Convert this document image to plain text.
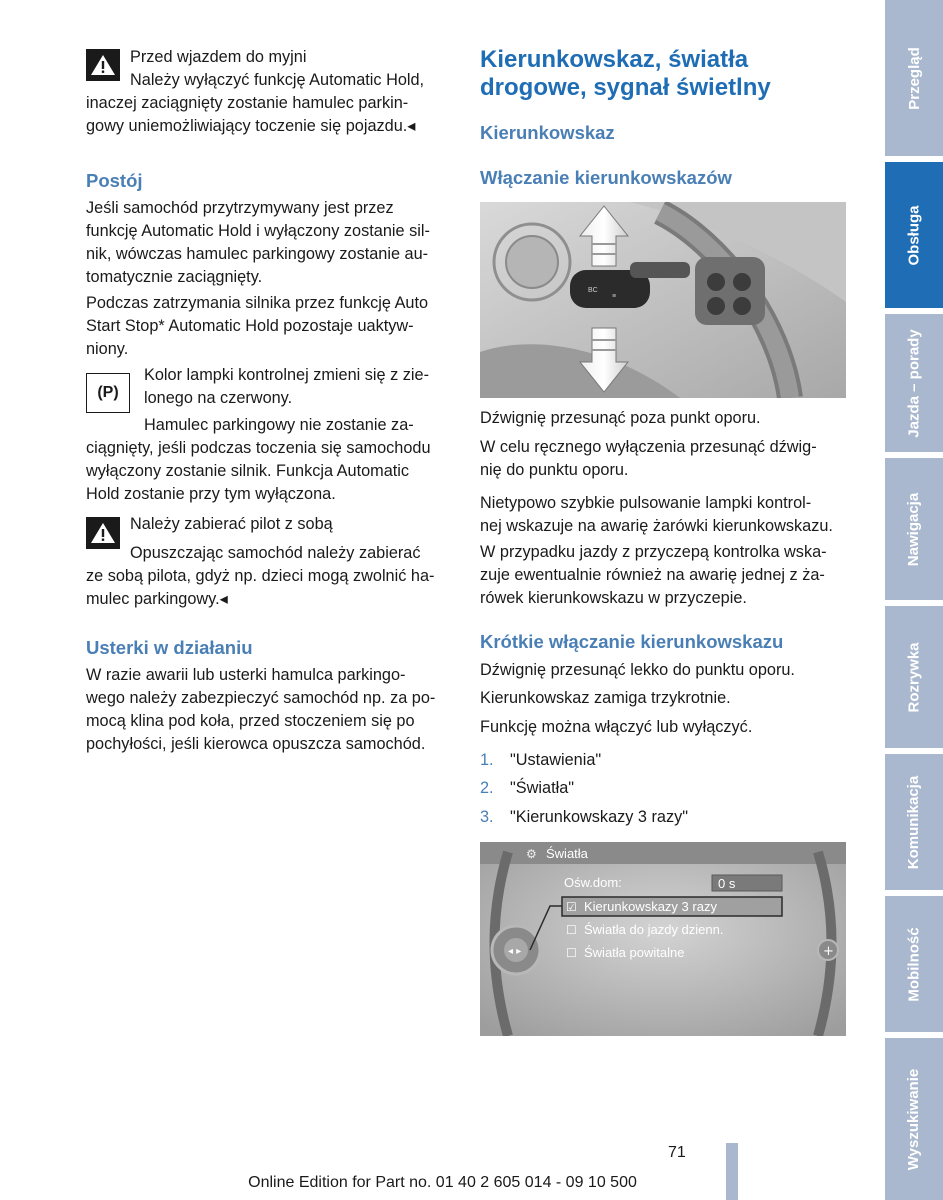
Przed wjazdem do myjni

Należy wyłączyć funkcję Automatic Hold,

inaczej zaciągnięty zostanie hamulec parkin-

gowy uniemożliwiający toczenie się pojazdu.◂

Postój

Jeśli samochód przytrzymywany jest przez

funkcję Automatic Hold i wyłączony zostanie sil-

nik, wówczas hamulec parkingowy zostanie au-

tomatycznie zaciągnięty.

Podczas zatrzymania silnika przez funkcję Auto

Start Stop* Automatic Hold pozostaje uaktyw-

niony.

(P)

Kolor lampki kontrolnej zmieni się z zie-

lonego na czerwony.

Hamulec parkingowy nie zostanie za-

ciągnięty, jeśli podczas toczenia się samochodu

wyłączony zostanie silnik. Funkcja Automatic

Hold zostanie przy tym wyłączona.

Należy zabierać pilot z sobą

Opuszczając samochód należy zabierać

ze sobą pilota, gdyż np. dzieci mogą zwolnić ha-

mulec parkingowy.◂

Usterki w działaniu

W razie awarii lub usterki hamulca parkingo-

wego należy zabezpieczyć samochód np. za po-

mocą klina pod koła, przed stoczeniem się po

pochyłości, jeśli kierowca opuszcza samochód.

Kierunkowskaz, światła
drogowe, sygnał świetlny
Kierunkowskaz
Włączanie kierunkowskazów
BC
≡

Dźwignię przesunąć poza punkt oporu.

W celu ręcznego wyłączenia przesunąć dźwig-

nię do punktu oporu.

Nietypowo szybkie pulsowanie lampki kontrol-

nej wskazuje na awarię żarówki kierunkowskazu.

W przypadku jazdy z przyczepą kontrolka wska-

zuje ewentualnie również na awarię jednej z ża-

rówek kierunkowskazu w przyczepie.

Krótkie włączanie kierunkowskazu

Dźwignię przesunąć lekko do punktu oporu.

Kierunkowskaz zamiga trzykrotnie.

Funkcję można włączyć lub wyłączyć.

1. "Ustawienia"
2. "Światła"
3. "Kierunkowskazy 3 razy"
◂ ▸	+
⚙ Światła
Ośw.dom:	0 s
☑ Kierunkowskazy 3 razy
☐ Światła do jazdy dzienn.
☐ Światła powitalne
Przegląd
Obsługa
Jazda – porady
Nawigacja
Rozrywka
Komunikacja
Mobilność
Wyszukiwanie
71
Online Edition for Part no. 01 40 2 605 014 - 09 10 500
